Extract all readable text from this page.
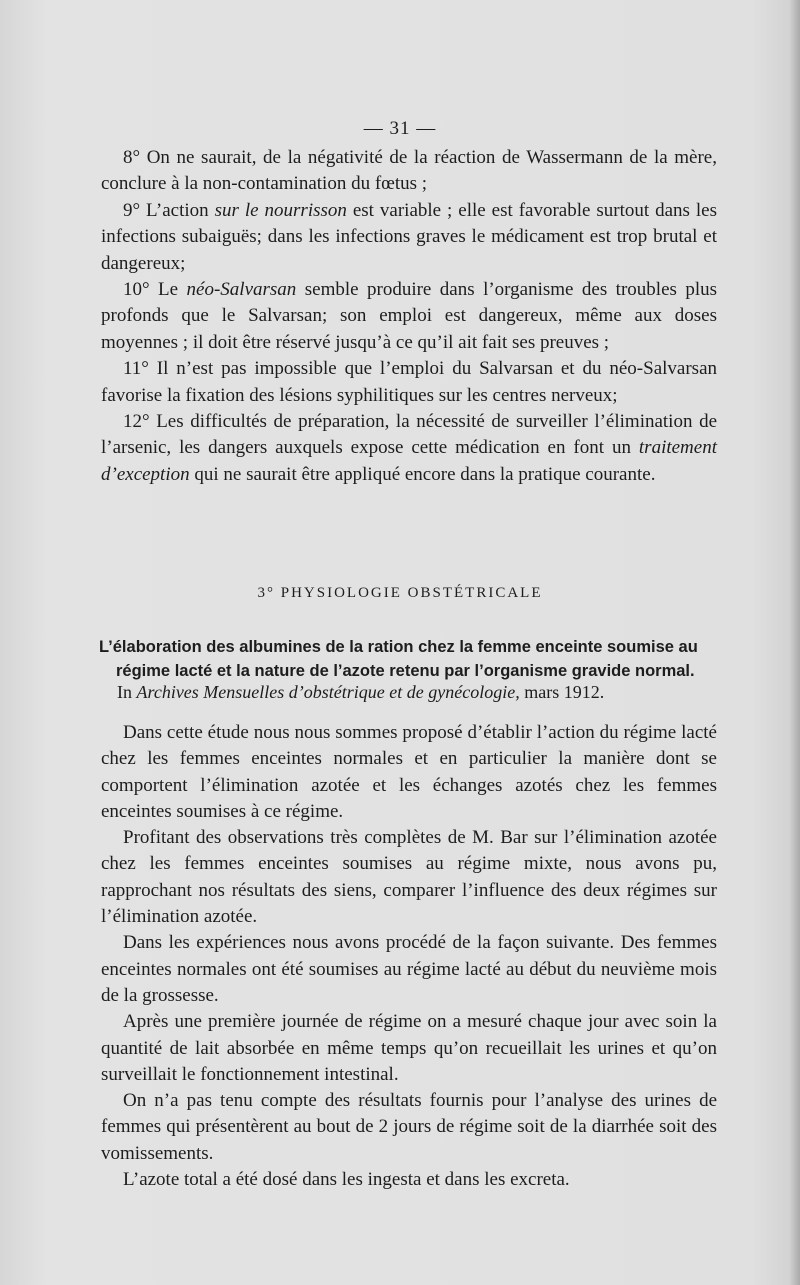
— 31 —

8° On ne saurait, de la négativité de la réaction de Wassermann de la mère, conclure à la non-contamination du fœtus ;

9° L’action sur le nourrisson est variable ; elle est favorable surtout dans les infections subaiguës; dans les infections graves le médicament est trop brutal et dangereux;

10° Le néo-Salvarsan semble produire dans l’organisme des troubles plus profonds que le Salvarsan; son emploi est dangereux, même aux doses moyennes ; il doit être réservé jusqu’à ce qu’il ait fait ses preuves ;

11° Il n’est pas impossible que l’emploi du Salvarsan et du néo-Salvarsan favorise la fixation des lésions syphilitiques sur les centres nerveux;

12° Les difficultés de préparation, la nécessité de surveiller l’élimination de l’arsenic, les dangers auxquels expose cette médication en font un traitement d’exception qui ne saurait être appliqué encore dans la pratique courante.

3° PHYSIOLOGIE OBSTÉTRICALE
L’élaboration des albumines de la ration chez la femme enceinte soumise au
régime lacté et la nature de l’azote retenu par l’organisme gravide normal.
In Archives Mensuelles d’obstétrique et de gynécologie, mars 1912.

Dans cette étude nous nous sommes proposé d’établir l’action du régime lacté chez les femmes enceintes normales et en particulier la manière dont se comportent l’élimination azotée et les échanges azotés chez les femmes enceintes soumises à ce régime.

Profitant des observations très complètes de M. Bar sur l’élimination azotée chez les femmes enceintes soumises au régime mixte, nous avons pu, rapprochant nos résultats des siens, comparer l’influence des deux régimes sur l’élimination azotée.

Dans les expériences nous avons procédé de la façon suivante. Des femmes enceintes normales ont été soumises au régime lacté au début du neuvième mois de la grossesse.

Après une première journée de régime on a mesuré chaque jour avec soin la quantité de lait absorbée en même temps qu’on recueillait les urines et qu’on surveillait le fonctionnement intestinal.

On n’a pas tenu compte des résultats fournis pour l’analyse des urines de femmes qui présentèrent au bout de 2 jours de régime soit de la diarrhée soit des vomissements.

L’azote total a été dosé dans les ingesta et dans les excreta.
